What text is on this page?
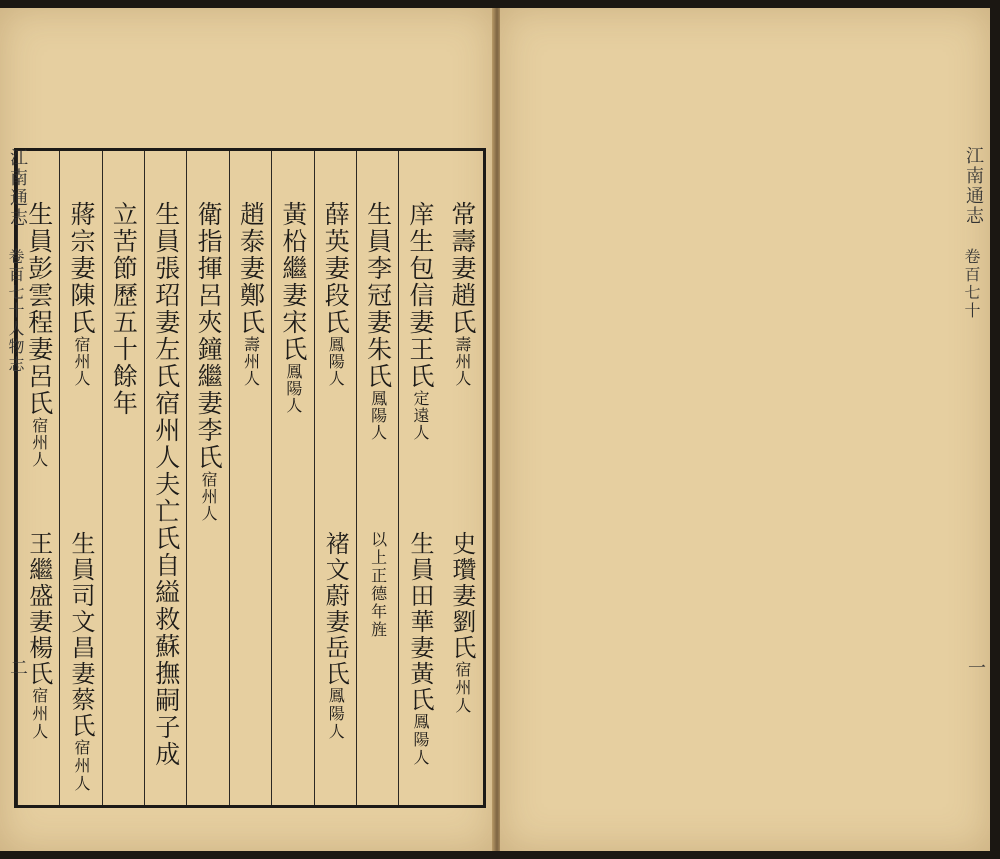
常壽妻趙氏壽州人
史瓚妻劉氏宿州人
庠生包信妻王氏定遠人
生員田華妻黃氏鳳陽人
生員李冠妻朱氏鳳陽人
以上正德年旌
薛英妻段氏鳳陽人
褚文蔚妻岳氏鳳陽人
黃柗繼妻宋氏鳳陽人
趙泰妻鄭氏壽州人
衛指揮呂夾鐘繼妻李氏宿州人
生員張玿妻左氏宿州人夫亡氏自縊救蘇撫嗣子成
立苦節歷五十餘年
蔣宗妻陳氏宿州人
生員司文昌妻蔡氏宿州人
生員彭雲程妻呂氏宿州人
王繼盛妻楊氏宿州人
江南通志
卷百七十人物志
二
江南通志
卷百七十
一
